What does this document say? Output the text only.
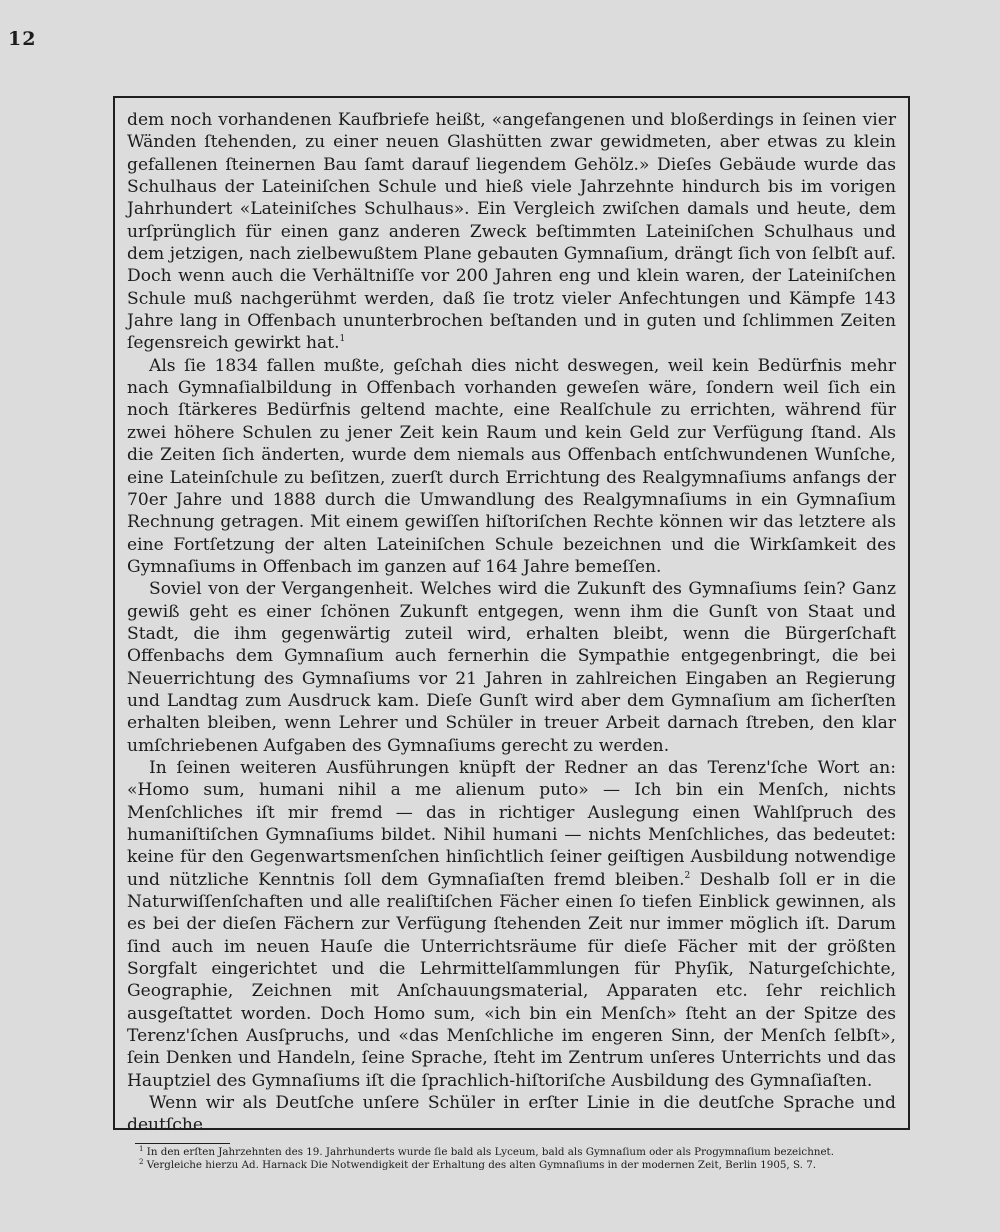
12

dem noch vorhandenen Kaufbriefe heißt, «angefangenen und bloßerdings in ſeinen vier Wänden ſtehenden, zu einer neuen Glashütten zwar gewidmeten, aber etwas zu klein gefallenen ſteinernen Bau ſamt darauf liegendem Gehölz.» Dieſes Gebäude wurde das Schulhaus der Lateiniſchen Schule und hieß viele Jahrzehnte hindurch bis im vorigen Jahrhundert «Lateiniſches Schulhaus». Ein Vergleich zwiſchen damals und heute, dem urſprünglich für einen ganz anderen Zweck beſtimmten Lateiniſchen Schulhaus und dem jetzigen, nach zielbewußtem Plane gebauten Gymnaſium, drängt ſich von ſelbſt auf. Doch wenn auch die Verhältniſſe vor 200 Jahren eng und klein waren, der Lateiniſchen Schule muß nachgerühmt werden, daß ſie trotz vieler Anfechtungen und Kämpfe 143 Jahre lang in Offenbach ununterbrochen beſtanden und in guten und ſchlimmen Zeiten ſegensreich gewirkt hat.$^1$

Als ſie 1834 fallen mußte, geſchah dies nicht deswegen, weil kein Bedürfnis mehr nach Gymnaſialbildung in Offenbach vorhanden geweſen wäre, ſondern weil ſich ein noch ſtärkeres Bedürfnis geltend machte, eine Realſchule zu errichten, während für zwei höhere Schulen zu jener Zeit kein Raum und kein Geld zur Verfügung ſtand. Als die Zeiten ſich änderten, wurde dem niemals aus Offenbach entſchwundenen Wunſche, eine Lateinſchule zu beſitzen, zuerſt durch Errichtung des Realgymnaſiums anfangs der 70er Jahre und 1888 durch die Umwandlung des Realgymnaſiums in ein Gymnaſium Rechnung getragen. Mit einem gewiſſen hiſtoriſchen Rechte können wir das letztere als eine Fortſetzung der alten Lateiniſchen Schule bezeichnen und die Wirkſamkeit des Gymnaſiums in Offenbach im ganzen auf 164 Jahre bemeſſen.

Soviel von der Vergangenheit. Welches wird die Zukunft des Gymnaſiums ſein? Ganz gewiß geht es einer ſchönen Zukunft entgegen, wenn ihm die Gunſt von Staat und Stadt, die ihm gegenwärtig zuteil wird, erhalten bleibt, wenn die Bürgerſchaft Offenbachs dem Gymnaſium auch fernerhin die Sympathie entgegenbringt, die bei Neuerrichtung des Gymnaſiums vor 21 Jahren in zahlreichen Eingaben an Regierung und Landtag zum Ausdruck kam. Dieſe Gunſt wird aber dem Gymnaſium am ſicherſten erhalten bleiben, wenn Lehrer und Schüler in treuer Arbeit darnach ſtreben, den klar umſchriebenen Aufgaben des Gymnaſiums gerecht zu werden.

In ſeinen weiteren Ausführungen knüpft der Redner an das Terenz'ſche Wort an: «Homo sum, humani nihil a me alienum puto» — Ich bin ein Menſch, nichts Menſchliches iſt mir fremd — das in richtiger Auslegung einen Wahlſpruch des humaniſtiſchen Gymnaſiums bildet. Nihil humani — nichts Menſchliches, das bedeutet: keine für den Gegenwartsmenſchen hinſichtlich ſeiner geiſtigen Ausbildung notwendige und nützliche Kenntnis ſoll dem Gymnaſiaſten fremd bleiben.$^2$ Deshalb ſoll er in die Naturwiſſenſchaften und alle realiſtiſchen Fächer einen ſo tiefen Einblick gewinnen, als es bei der dieſen Fächern zur Verfügung ſtehenden Zeit nur immer möglich iſt. Darum ſind auch im neuen Hauſe die Unterrichtsräume für dieſe Fächer mit der größten Sorgfalt eingerichtet und die Lehrmittelſammlungen für Phyſik, Naturgeſchichte, Geographie, Zeichnen mit Anſchauungsmaterial, Apparaten etc. ſehr reichlich ausgeſtattet worden. Doch Homo sum, «ich bin ein Menſch» ſteht an der Spitze des Terenz'ſchen Ausſpruchs, und «das Menſchliche im engeren Sinn, der Menſch ſelbſt», ſein Denken und Handeln, ſeine Sprache, ſteht im Zentrum unſeres Unterrichts und das Hauptziel des Gymnaſiums iſt die ſprachlich-hiſtoriſche Ausbildung des Gymnaſiaſten.

Wenn wir als Deutſche unſere Schüler in erſter Linie in die deutſche Sprache und deutſche

$^1$ In den erſten Jahrzehnten des 19. Jahrhunderts wurde ſie bald als Lyceum, bald als Gymnaſium oder als Progymnaſium bezeichnet.

$^2$ Vergleiche hierzu Ad. Harnack Die Notwendigkeit der Erhaltung des alten Gymnaſiums in der modernen Zeit, Berlin 1905, S. 7.
